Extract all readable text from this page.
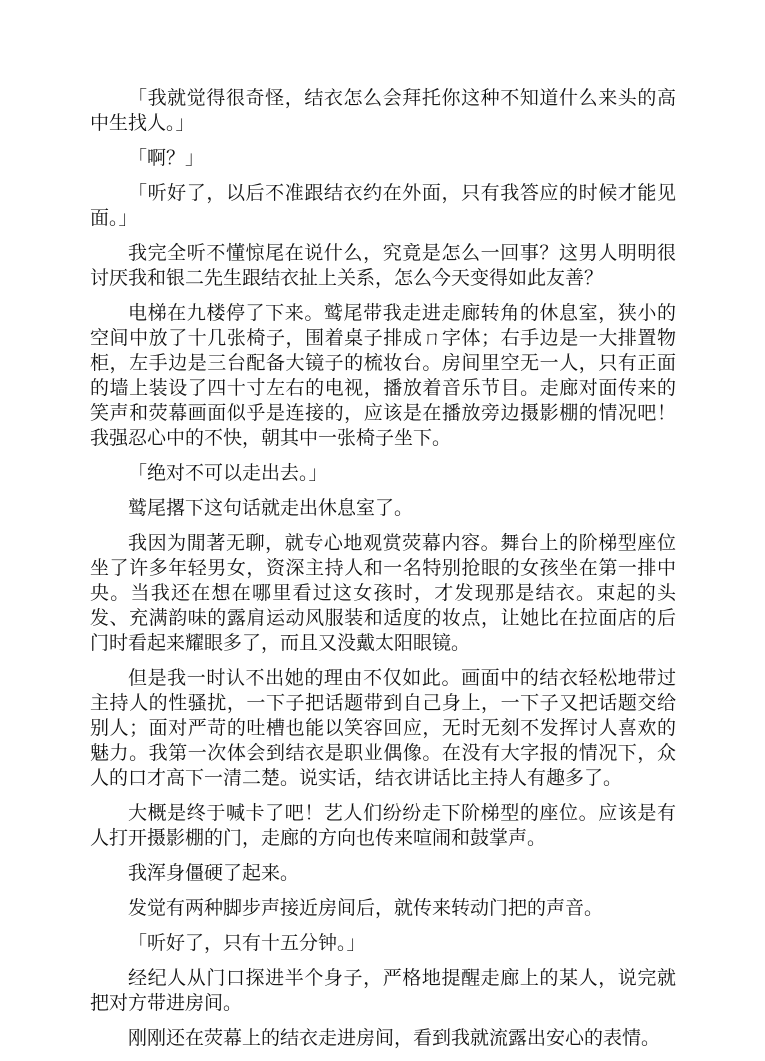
「我就觉得很奇怪，结衣怎么会拜托你这种不知道什么来头的高中生找人。」

「啊？」

「听好了，以后不准跟结衣约在外面，只有我答应的时候才能见面。」

我完全听不懂惊尾在说什么，究竟是怎么一回事？这男人明明很讨厌我和银二先生跟结衣扯上关系，怎么今天变得如此友善？

电梯在九楼停了下来。鹫尾带我走进走廊转角的休息室，狭小的空间中放了十几张椅子，围着桌子排成ㄇ字体；右手边是一大排置物柜，左手边是三台配备大镜子的梳妆台。房间里空无一人，只有正面的墙上装设了四十寸左右的电视，播放着音乐节目。走廊对面传来的笑声和荧幕画面似乎是连接的，应该是在播放旁边摄影棚的情况吧！我强忍心中的不快，朝其中一张椅子坐下。

「绝对不可以走出去。」

鹫尾撂下这句话就走出休息室了。

我因为閒著无聊，就专心地观赏荧幕内容。舞台上的阶梯型座位坐了许多年轻男女，资深主持人和一名特别抢眼的女孩坐在第一排中央。当我还在想在哪里看过这女孩时，才发现那是结衣。束起的头发、充满韵味的露肩运动风服装和适度的妆点，让她比在拉面店的后门时看起来耀眼多了，而且又没戴太阳眼镜。

但是我一时认不出她的理由不仅如此。画面中的结衣轻松地带过主持人的性骚扰，一下子把话题带到自己身上，一下子又把话题交给别人；面对严苛的吐槽也能以笑容回应，无时无刻不发挥讨人喜欢的魅力。我第一次体会到结衣是职业偶像。在没有大字报的情况下，众人的口才高下一清二楚。说实话，结衣讲话比主持人有趣多了。

大概是终于喊卡了吧！艺人们纷纷走下阶梯型的座位。应该是有人打开摄影棚的门，走廊的方向也传来喧闹和鼓掌声。

我浑身僵硬了起来。

发觉有两种脚步声接近房间后，就传来转动门把的声音。

「听好了，只有十五分钟。」

经纪人从门口探进半个身子，严格地提醒走廊上的某人，说完就把对方带进房间。

刚刚还在荧幕上的结衣走进房间，看到我就流露出安心的表情。
